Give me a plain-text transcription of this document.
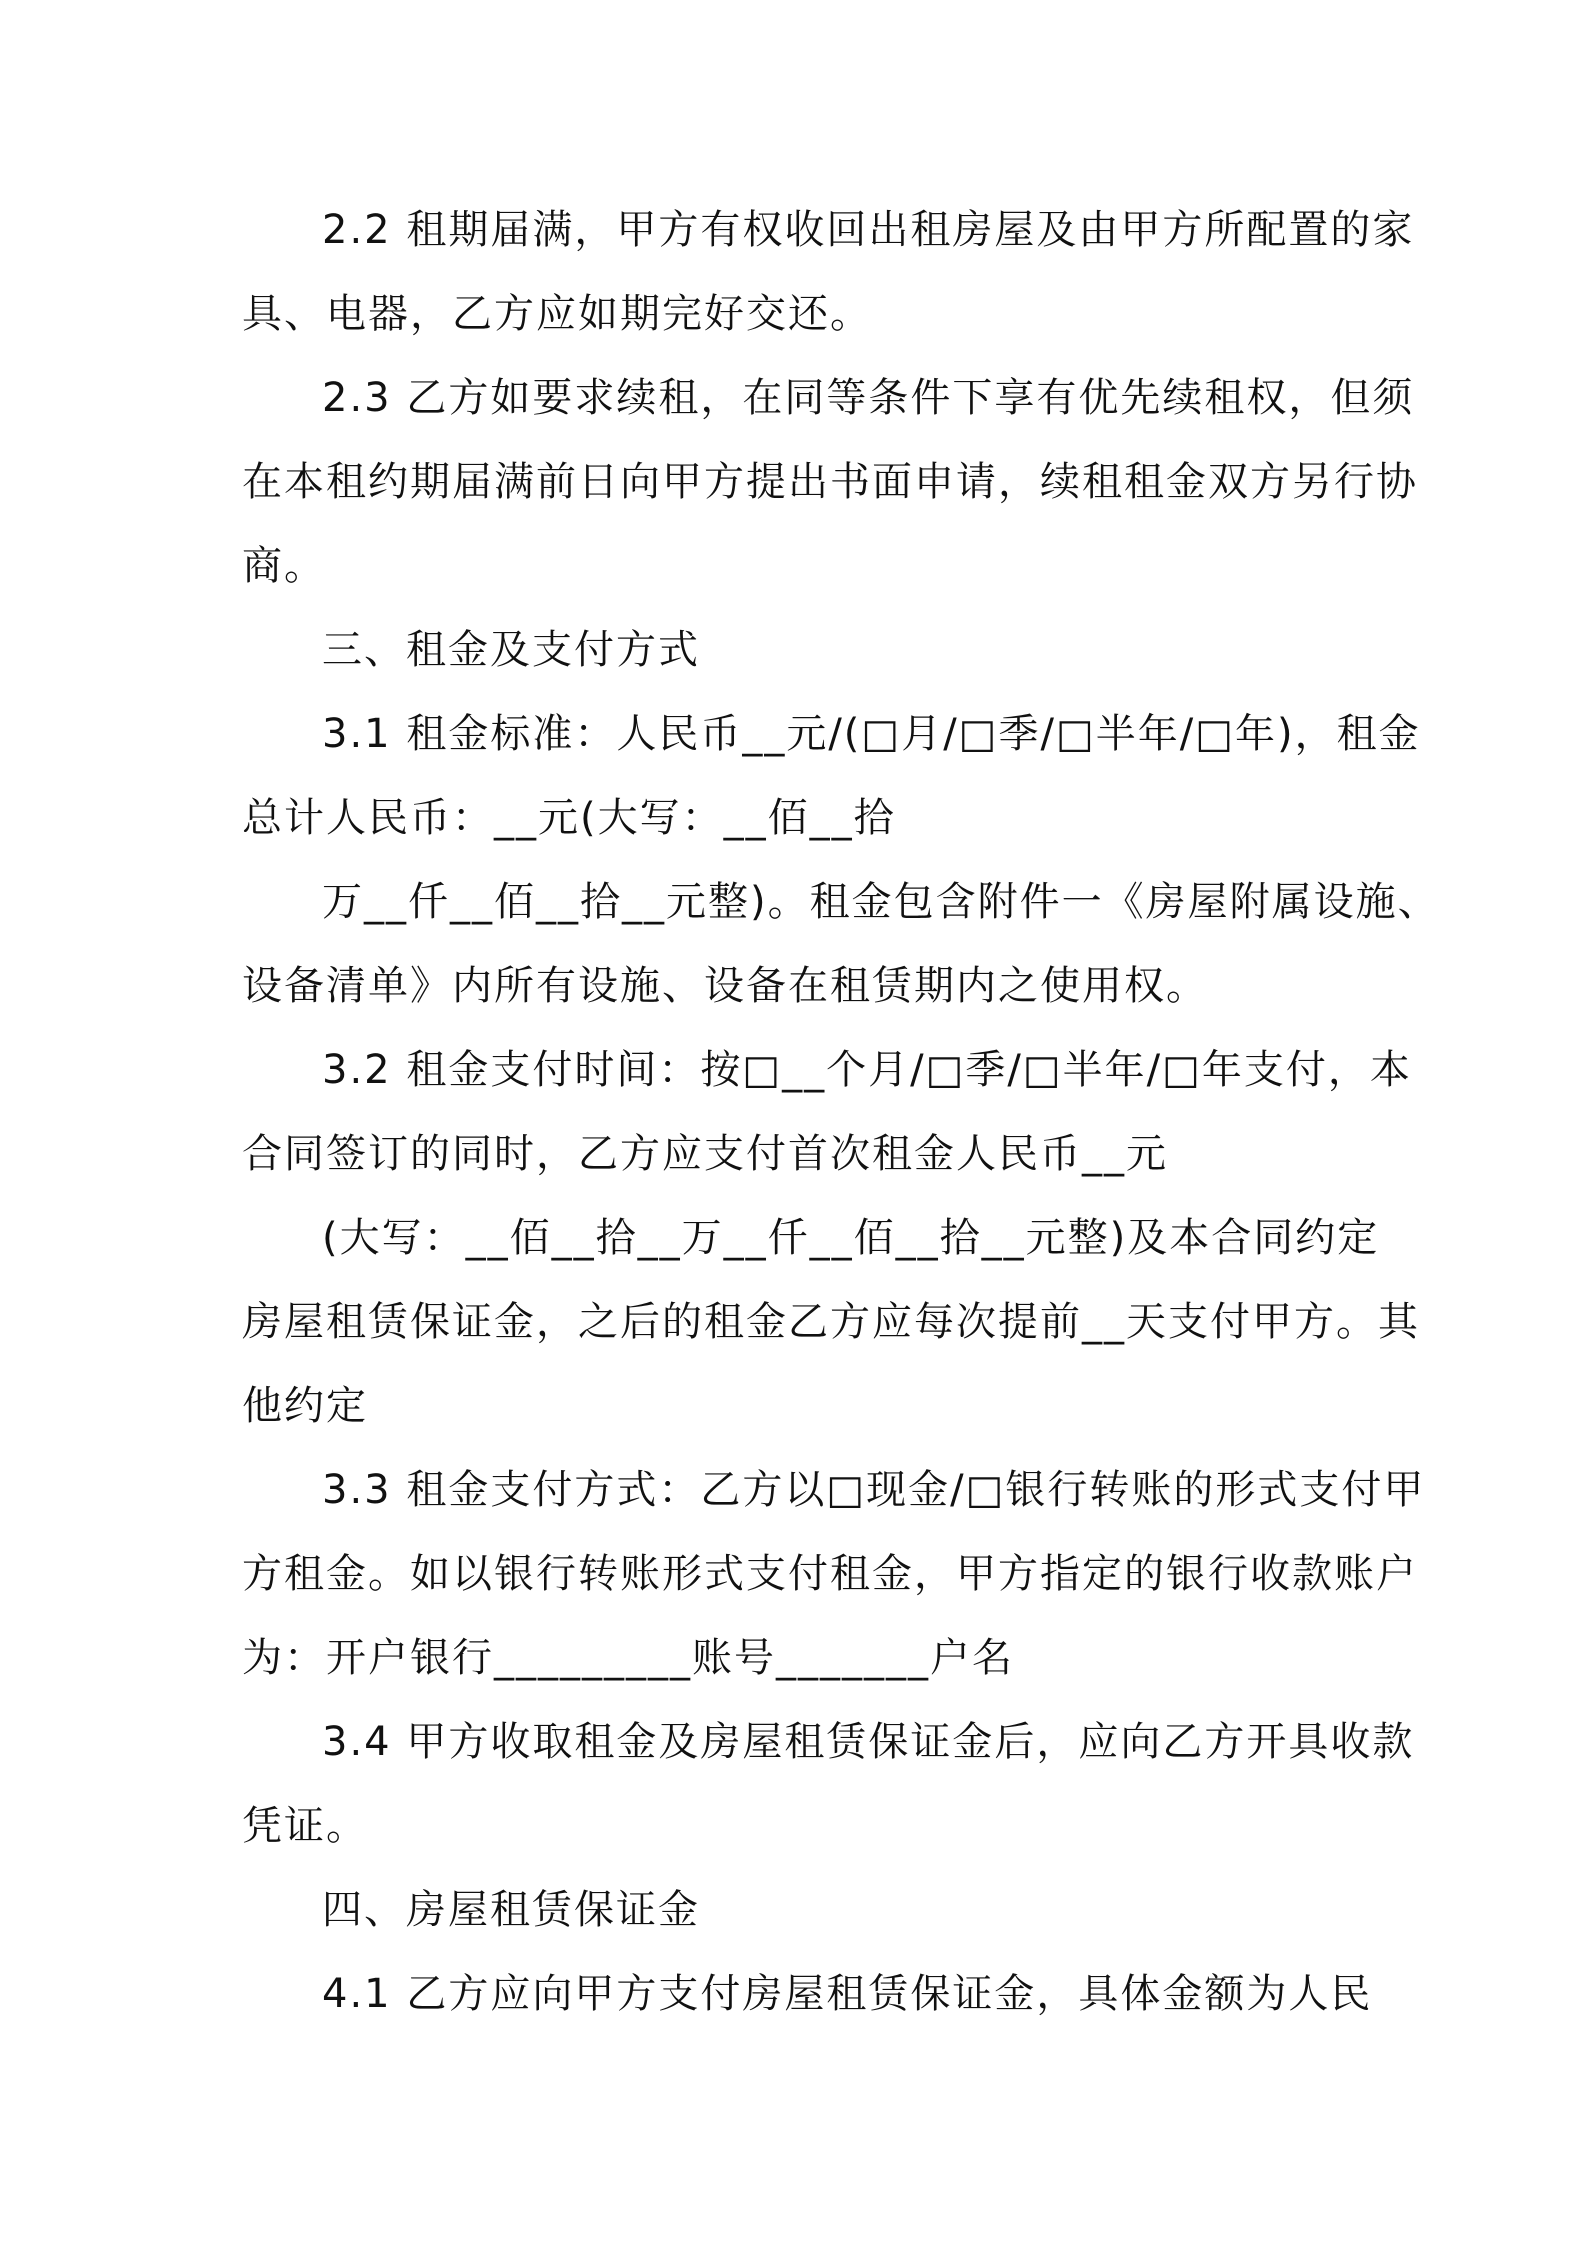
2.2 租期届满，甲方有权收回出租房屋及由甲方所配置的家
具、电器，乙方应如期完好交还。
2.3 乙方如要求续租，在同等条件下享有优先续租权，但须
在本租约期届满前日向甲方提出书面申请，续租租金双方另行协
商。
三、租金及支付方式
3.1 租金标准：人民币__元/(□月/□季/□半年/□年)，租金
总计人民币：__元(大写：__佰__拾
万__仟__佰__拾__元整)。租金包含附件一《房屋附属设施、
设备清单》内所有设施、设备在租赁期内之使用权。
3.2 租金支付时间：按□__个月/□季/□半年/□年支付，本
合同签订的同时，乙方应支付首次租金人民币__元
(大写：__佰__拾__万__仟__佰__拾__元整)及本合同约定
房屋租赁保证金，之后的租金乙方应每次提前__天支付甲方。其
他约定
3.3 租金支付方式：乙方以□现金/□银行转账的形式支付甲
方租金。如以银行转账形式支付租金，甲方指定的银行收款账户
为：开户银行_________账号_______户名
3.4 甲方收取租金及房屋租赁保证金后，应向乙方开具收款
凭证。
四、房屋租赁保证金
4.1 乙方应向甲方支付房屋租赁保证金，具体金额为人民
